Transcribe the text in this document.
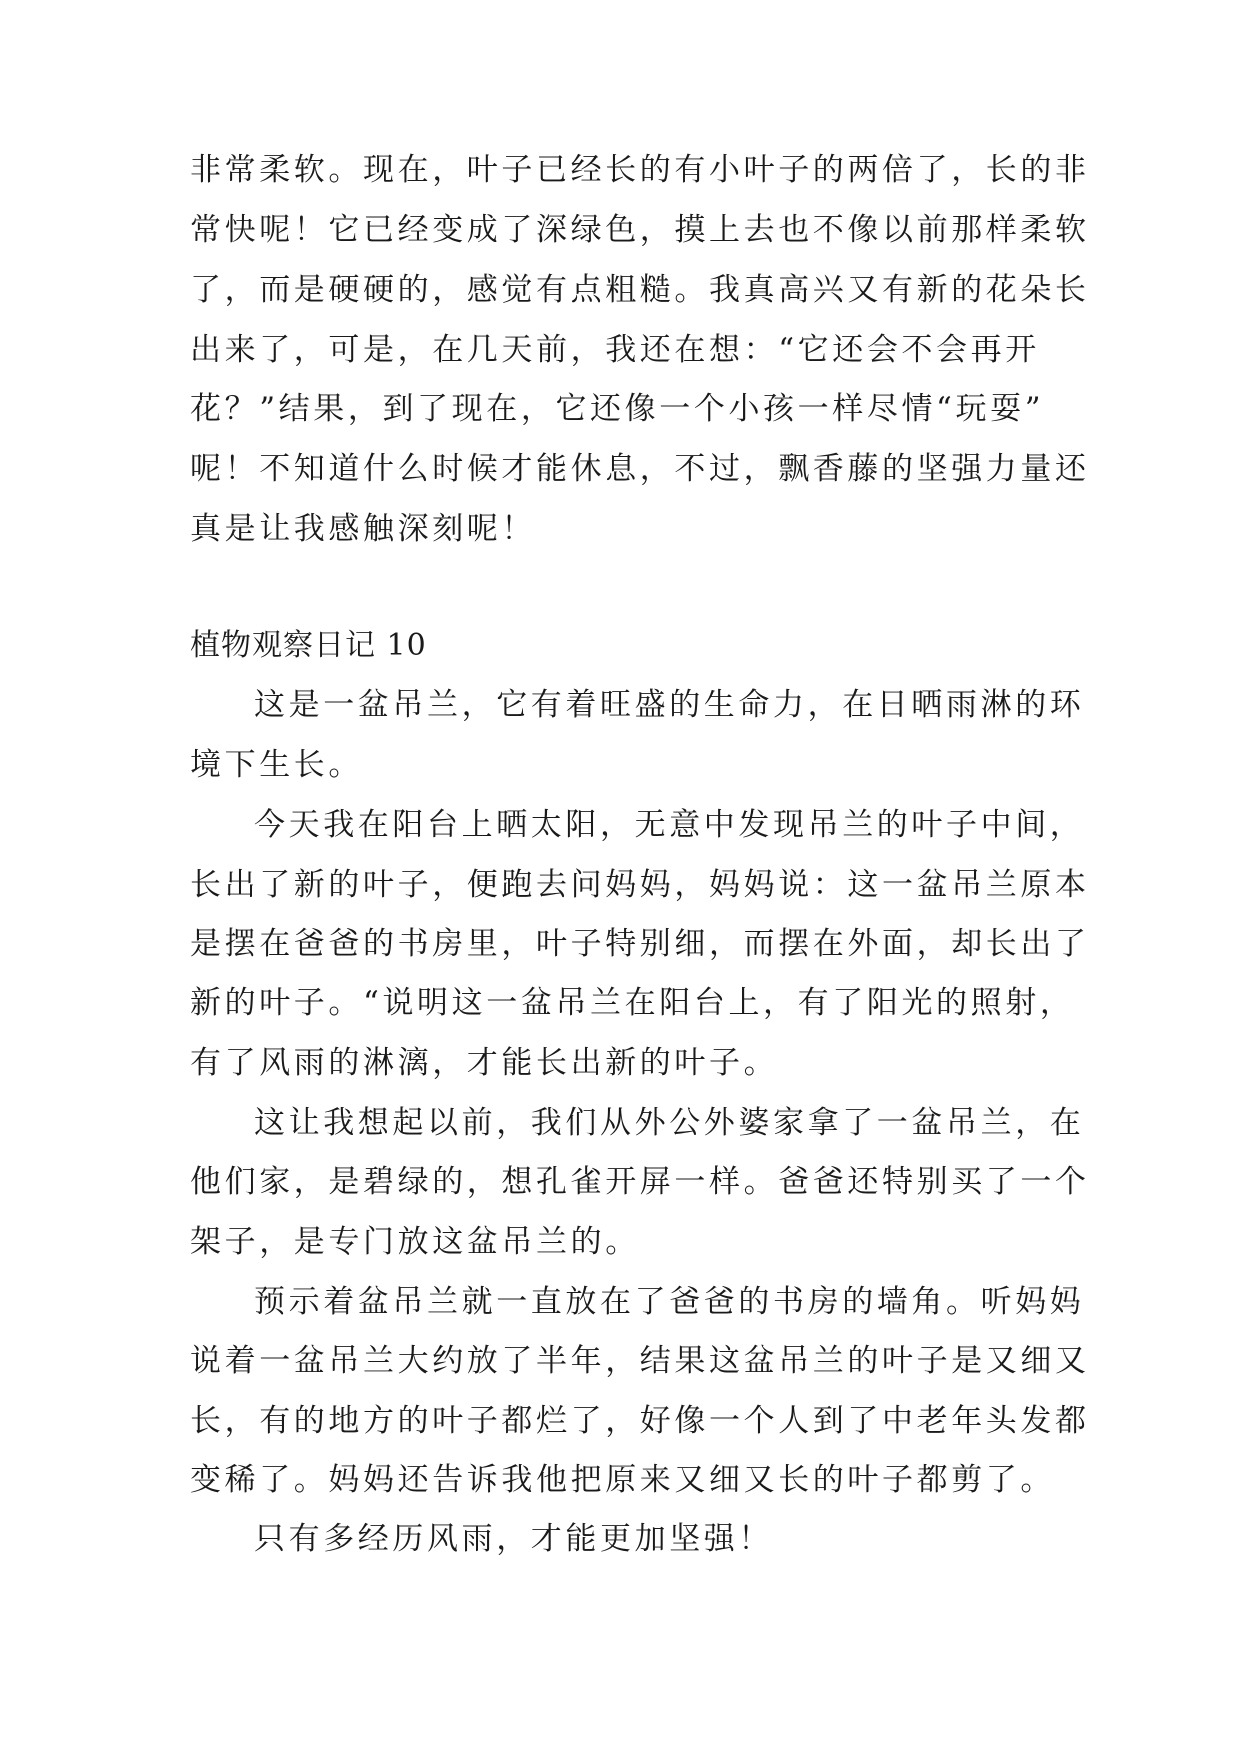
非常柔软。现在，叶子已经长的有小叶子的两倍了，长的非
常快呢！它已经变成了深绿色，摸上去也不像以前那样柔软
了，而是硬硬的，感觉有点粗糙。我真高兴又有新的花朵长
出来了，可是，在几天前，我还在想：“它还会不会再开
花？”结果，到了现在，它还像一个小孩一样尽情“玩耍”
呢！不知道什么时候才能休息，不过，飘香藤的坚强力量还
真是让我感触深刻呢！
植物观察日记 10
这是一盆吊兰，它有着旺盛的生命力，在日晒雨淋的环
境下生长。
今天我在阳台上晒太阳，无意中发现吊兰的叶子中间，
长出了新的叶子，便跑去问妈妈，妈妈说：这一盆吊兰原本
是摆在爸爸的书房里，叶子特别细，而摆在外面，却长出了
新的叶子。“说明这一盆吊兰在阳台上，有了阳光的照射，
有了风雨的淋漓，才能长出新的叶子。
这让我想起以前，我们从外公外婆家拿了一盆吊兰，在
他们家，是碧绿的，想孔雀开屏一样。爸爸还特别买了一个
架子，是专门放这盆吊兰的。
预示着盆吊兰就一直放在了爸爸的书房的墙角。听妈妈
说着一盆吊兰大约放了半年，结果这盆吊兰的叶子是又细又
长，有的地方的叶子都烂了，好像一个人到了中老年头发都
变稀了。妈妈还告诉我他把原来又细又长的叶子都剪了。
只有多经历风雨，才能更加坚强！
